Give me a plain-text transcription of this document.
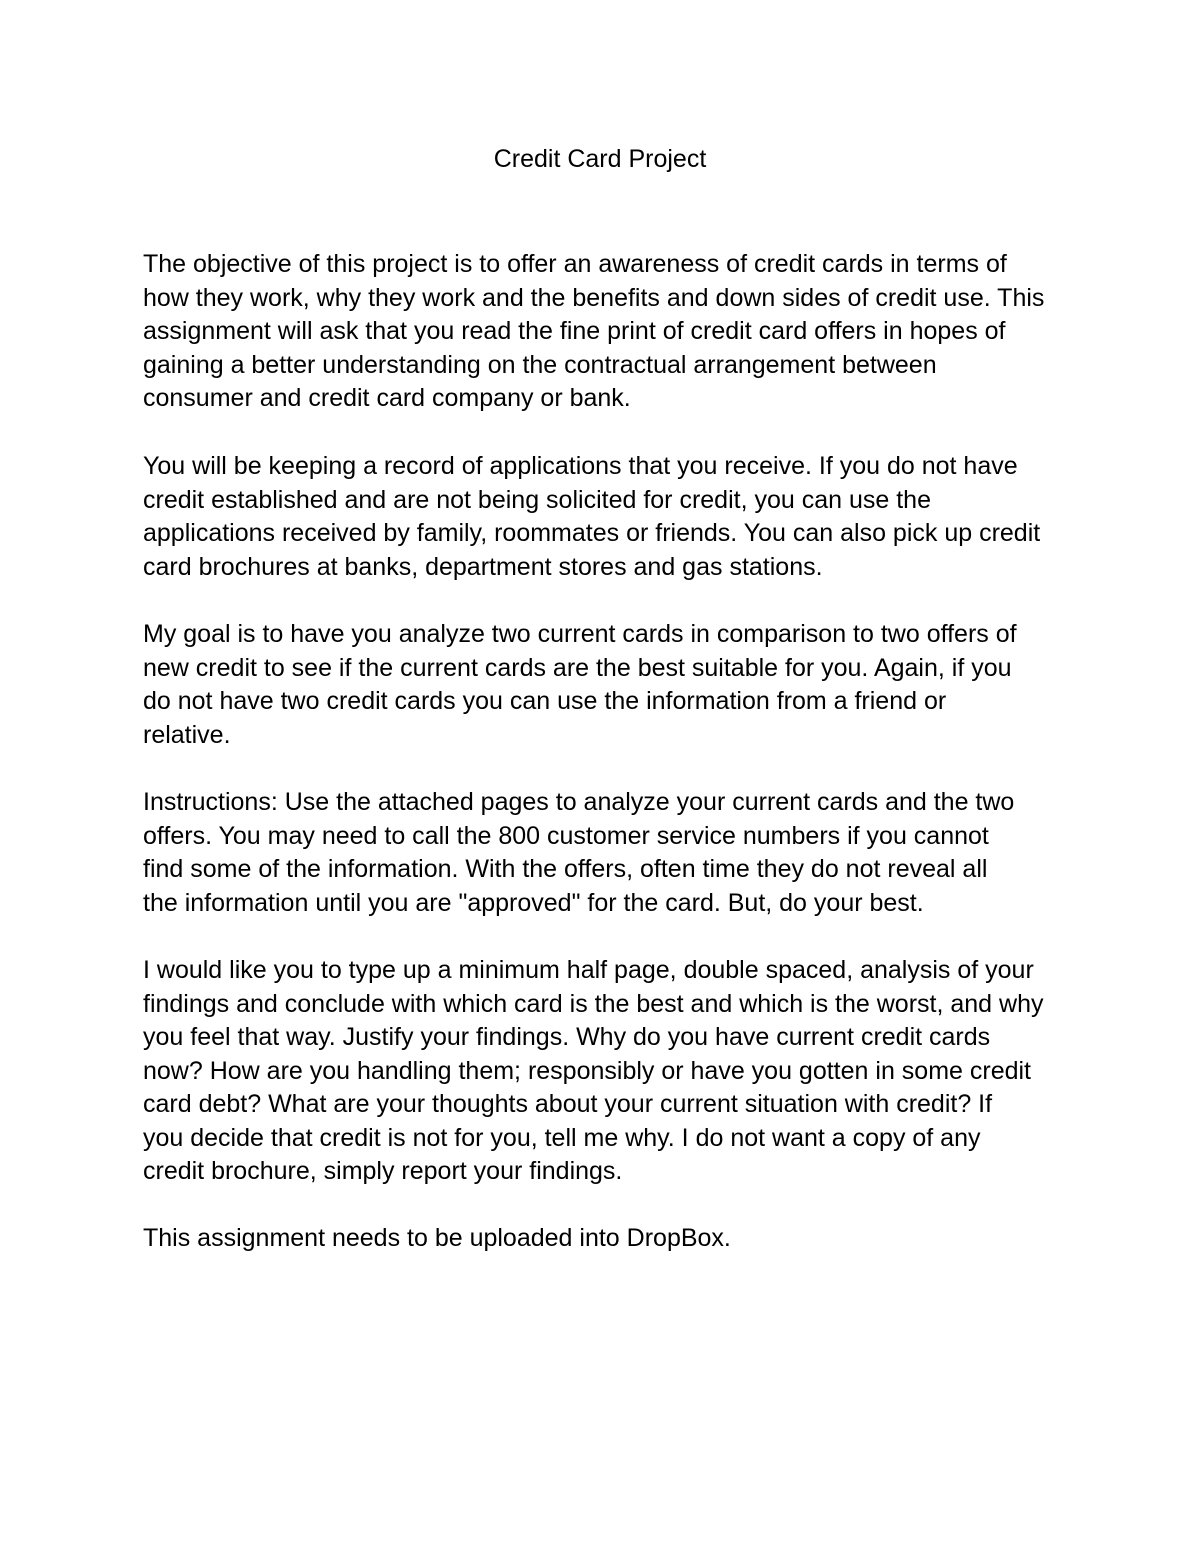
Credit Card Project

The objective of this project is to offer an awareness of credit cards in terms of
how they work, why they work and the benefits and down sides of credit use. This
assignment will ask that you read the fine print of credit card offers in hopes of
gaining a better understanding on the contractual arrangement between
consumer and credit card company or bank.

You will be keeping a record of applications that you receive. If you do not have
credit established and are not being solicited for credit, you can use the
applications received by family, roommates or friends. You can also pick up credit
card brochures at banks, department stores and gas stations.

My goal is to have you analyze two current cards in comparison to two offers of
new credit to see if the current cards are the best suitable for you. Again, if you
do not have two credit cards you can use the information from a friend or
relative.

Instructions: Use the attached pages to analyze your current cards and the two
offers. You may need to call the 800 customer service numbers if you cannot
find some of the information. With the offers, often time they do not reveal all
the information until you are "approved" for the card. But, do your best.

I would like you to type up a minimum half page, double spaced, analysis of your
findings and conclude with which card is the best and which is the worst, and why
you feel that way. Justify your findings. Why do you have current credit cards
now? How are you handling them; responsibly or have you gotten in some credit
card debt? What are your thoughts about your current situation with credit? If
you decide that credit is not for you, tell me why. I do not want a copy of any
credit brochure, simply report your findings.

This assignment needs to be uploaded into DropBox.
